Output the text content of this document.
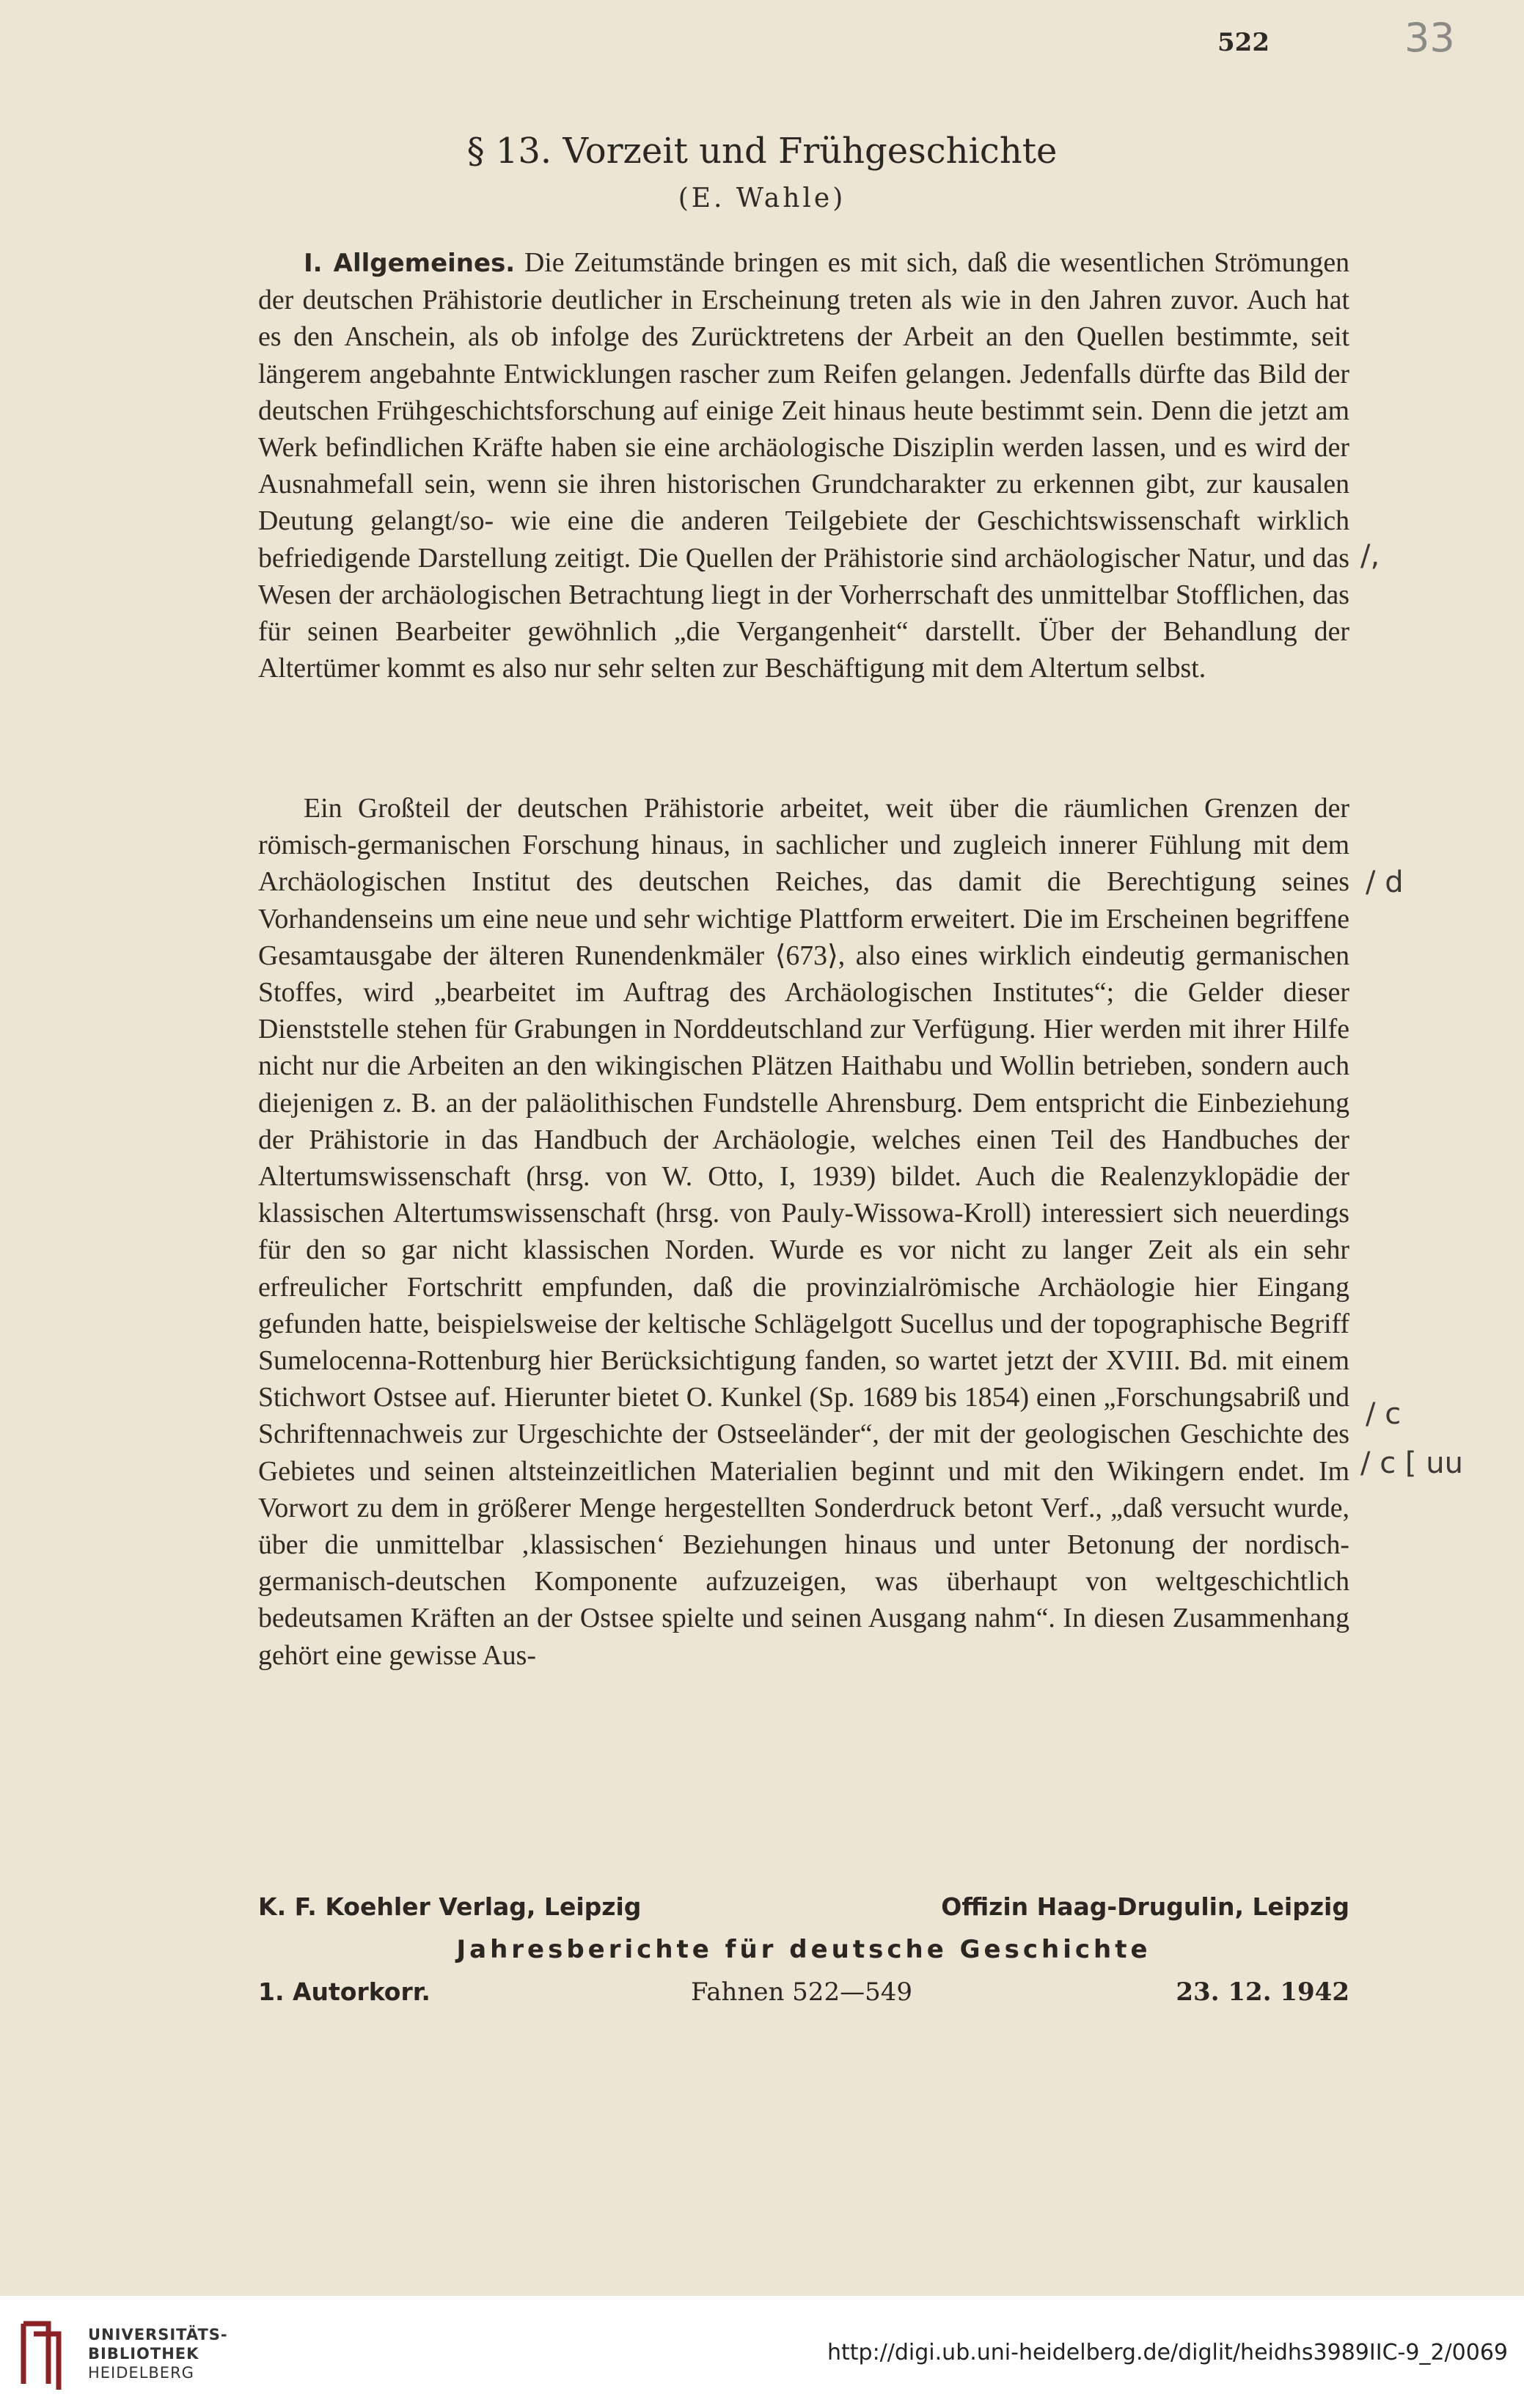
522	33
§ 13. Vorzeit und Frühgeschichte
(E. Wahle)

I. Allgemeines. Die Zeitumstände bringen es mit sich, daß die wesentlichen Strömungen der deutschen Prähistorie deutlicher in Erscheinung treten als wie in den Jahren zuvor. Auch hat es den Anschein, als ob infolge des Zurücktretens der Arbeit an den Quellen bestimmte, seit längerem angebahnte Entwicklungen rascher zum Reifen gelangen. Jedenfalls dürfte das Bild der deutschen Frühgeschichtsforschung auf einige Zeit hinaus heute bestimmt sein. Denn die jetzt am Werk befindlichen Kräfte haben sie eine archäologische Disziplin werden lassen, und es wird der Ausnahmefall sein, wenn sie ihren historischen Grundcharakter zu erkennen gibt, zur kausalen Deutung gelangt/so- wie eine die anderen Teilgebiete der Geschichtswissenschaft wirklich befriedigende Darstellung zeitigt. Die Quellen der Prähistorie sind archäologischer Natur, und das Wesen der archäologischen Betrachtung liegt in der Vorherrschaft des unmittelbar Stofflichen, das für seinen Bearbeiter gewöhnlich „die Vergangenheit“ darstellt. Über der Behandlung der Altertümer kommt es also nur sehr selten zur Beschäftigung mit dem Altertum selbst.

Ein Großteil der deutschen Prähistorie arbeitet, weit über die räumlichen Grenzen der römisch-germanischen Forschung hinaus, in sachlicher und zugleich innerer Fühlung mit dem Archäologischen Institut des deutschen Reiches, das damit die Berechtigung seines Vorhandenseins um eine neue und sehr wichtige Plattform erweitert. Die im Erscheinen begriffene Gesamtausgabe der älteren Runendenkmäler ⟨673⟩, also eines wirklich eindeutig germanischen Stoffes, wird „bearbeitet im Auftrag des Archäologischen Institutes“; die Gelder dieser Dienststelle stehen für Grabungen in Norddeutschland zur Verfügung. Hier werden mit ihrer Hilfe nicht nur die Arbeiten an den wikingischen Plätzen Haithabu und Wollin betrieben, sondern auch diejenigen z. B. an der paläolithischen Fundstelle Ahrensburg. Dem entspricht die Einbeziehung der Prähistorie in das Handbuch der Archäologie, welches einen Teil des Handbuches der Altertumswissenschaft (hrsg. von W. Otto, I, 1939) bildet. Auch die Realenzyklopädie der klassischen Altertumswissenschaft (hrsg. von Pauly-Wissowa-Kroll) interessiert sich neuerdings für den so gar nicht klassischen Norden. Wurde es vor nicht zu langer Zeit als ein sehr erfreulicher Fortschritt empfunden, daß die provinzialrömische Archäologie hier Eingang gefunden hatte, beispielsweise der keltische Schlägelgott Sucellus und der topographische Begriff Sumelocenna-Rottenburg hier Berücksichtigung fanden, so wartet jetzt der XVIII. Bd. mit einem Stichwort Ostsee auf. Hierunter bietet O. Kunkel (Sp. 1689 bis 1854) einen „Forschungsabriß und Schriftennachweis zur Urgeschichte der Ostseeländer“, der mit der geologischen Geschichte des Gebietes und seinen altsteinzeitlichen Materialien beginnt und mit den Wikingern endet. Im Vorwort zu dem in größerer Menge hergestellten Sonderdruck betont Verf., „daß versucht wurde, über die unmittelbar ‚klassischen‘ Beziehungen hinaus und unter Betonung der nordisch-germanisch-deutschen Komponente aufzuzeigen, was überhaupt von weltgeschichtlich bedeutsamen Kräften an der Ostsee spielte und seinen Ausgang nahm“. In diesen Zusammenhang gehört eine gewisse Aus-

/,
/ d
/ c
/ c [ uu
K. F. Koehler Verlag, Leipzig	Offizin Haag-Drugulin, Leipzig
Jahresberichte für deutsche Geschichte
1. Autorkorr.	Fahnen 522—549	23. 12. 1942
UNIVERSITÄTS-
BIBLIOTHEK
HEIDELBERG
http://digi.ub.uni-heidelberg.de/diglit/heidhs3989IIC-9_2/0069
